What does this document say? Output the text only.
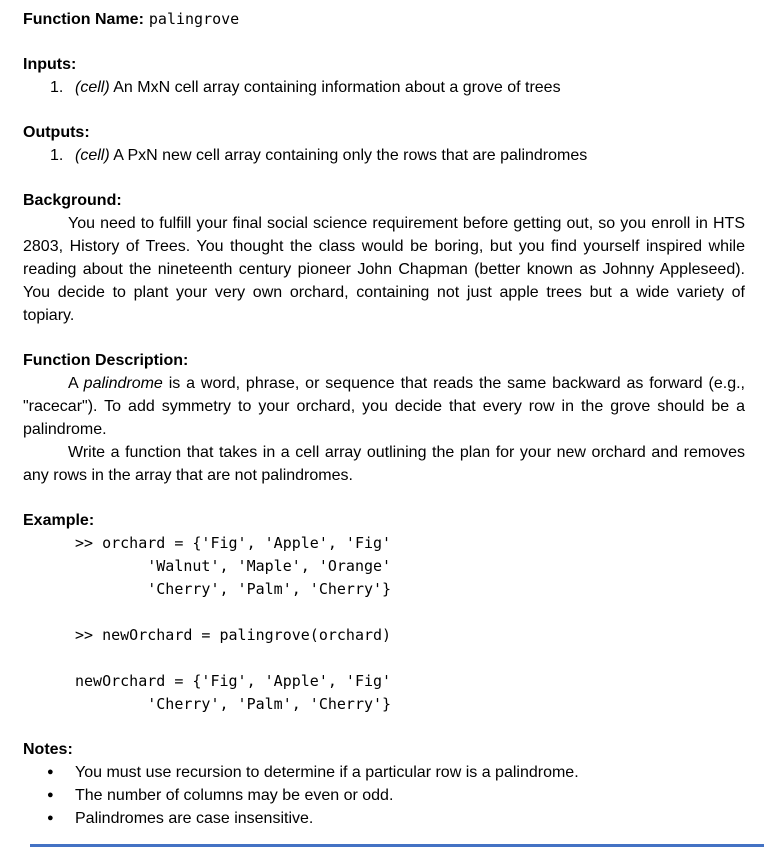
Function Name: palingrove
Inputs:
1. (cell) An MxN cell array containing information about a grove of trees
Outputs:
1. (cell) A PxN new cell array containing only the rows that are palindromes
Background:
You need to fulfill your final social science requirement before getting out, so you enroll in HTS 2803, History of Trees. You thought the class would be boring, but you find yourself inspired while reading about the nineteenth century pioneer John Chapman (better known as Johnny Appleseed). You decide to plant your very own orchard, containing not just apple trees but a wide variety of topiary.
Function Description:
A palindrome is a word, phrase, or sequence that reads the same backward as forward (e.g., "racecar"). To add symmetry to your orchard, you decide that every row in the grove should be a palindrome.
Write a function that takes in a cell array outlining the plan for your new orchard and removes any rows in the array that are not palindromes.
Example:
>> orchard = {'Fig', 'Apple', 'Fig'
'Walnut', 'Maple', 'Orange'
'Cherry', 'Palm', 'Cherry'}
>> newOrchard = palingrove(orchard)
newOrchard = {'Fig', 'Apple', 'Fig'
'Cherry', 'Palm', 'Cherry'}
Notes:
●	You must use recursion to determine if a particular row is a palindrome.
●	The number of columns may be even or odd.
●	Palindromes are case insensitive.
